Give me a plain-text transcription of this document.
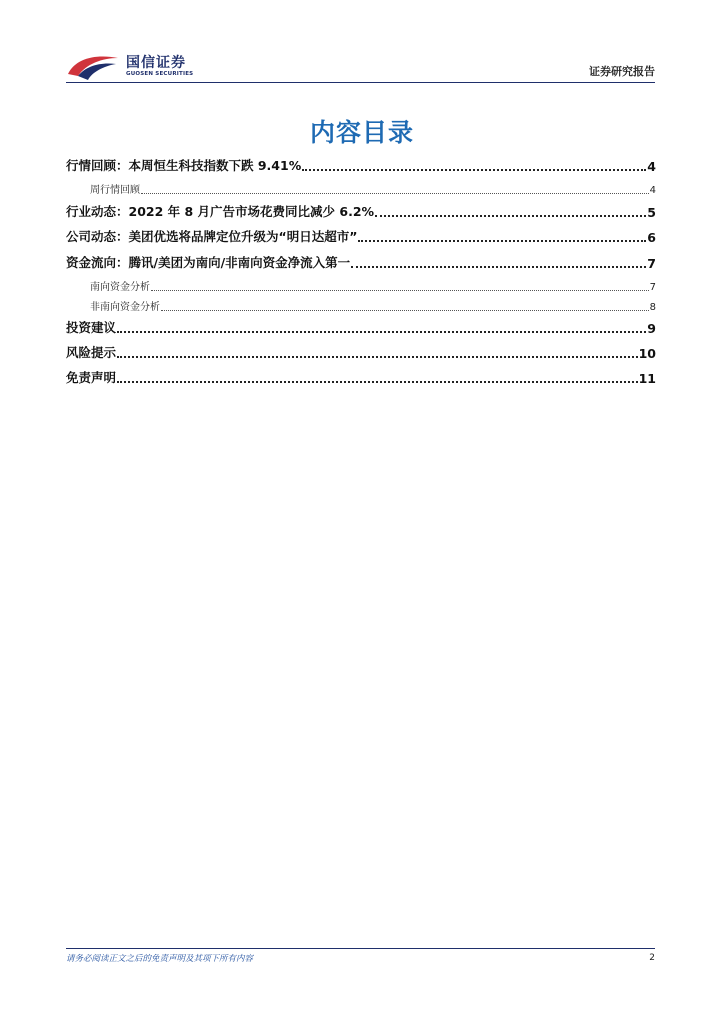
国信证券
GUOSEN SECURITIES	证券研究报告
内容目录
行情回顾：本周恒生科技指数下跌 9.41%	4
周行情回顾	4
行业动态：2022 年 8 月广告市场花费同比减少 6.2%	5
公司动态：美团优选将品牌定位升级为“明日达超市”	6
资金流向：腾讯/美团为南向/非南向资金净流入第一	7
南向资金分析	7
非南向资金分析	8
投资建议	9
风险提示	10
免责声明	11
请务必阅读正文之后的免责声明及其项下所有内容	2
